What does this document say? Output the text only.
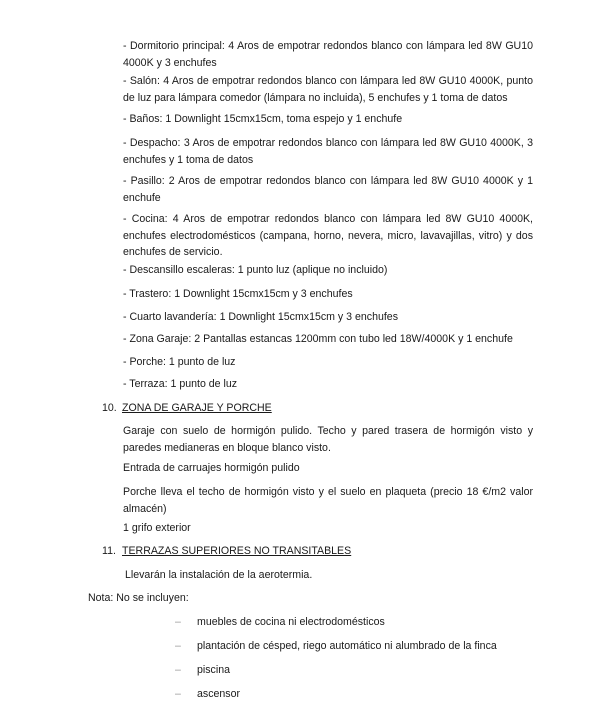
- Dormitorio principal: 4 Aros de empotrar redondos blanco con lámpara led 8W GU10 4000K y 3 enchufes

- Salón: 4 Aros de empotrar redondos blanco con lámpara led 8W GU10 4000K, punto de luz para lámpara comedor (lámpara no incluida), 5 enchufes y 1 toma de datos

- Baños: 1 Downlight 15cmx15cm, toma espejo y 1 enchufe

- Despacho: 3 Aros de empotrar redondos blanco con lámpara led 8W GU10 4000K, 3 enchufes y 1 toma de datos

- Pasillo: 2 Aros de empotrar redondos blanco con lámpara led 8W GU10 4000K y 1 enchufe

- Cocina: 4 Aros de empotrar redondos blanco con lámpara led 8W GU10 4000K, enchufes electrodomésticos (campana, horno, nevera, micro, lavavajillas, vitro) y dos enchufes de servicio.

- Descansillo escaleras: 1 punto luz (aplique no incluido)

- Trastero: 1 Downlight 15cmx15cm y 3 enchufes

- Cuarto lavandería: 1 Downlight 15cmx15cm y 3 enchufes

- Zona Garaje: 2 Pantallas estancas 1200mm con tubo led 18W/4000K y 1 enchufe

- Porche: 1 punto de luz

- Terraza: 1 punto de luz

10. ZONA DE GARAJE Y PORCHE

Garaje con suelo de hormigón pulido. Techo y pared trasera de hormigón visto y paredes medianeras en bloque blanco visto.

Entrada de carruajes hormigón pulido

Porche lleva el techo de hormigón visto y el suelo en plaqueta (precio 18 €/m2 valor almacén)

1 grifo exterior

11. TERRAZAS SUPERIORES NO TRANSITABLES

Llevarán la instalación de la aerotermia.

Nota: No se incluyen:

– muebles de cocina ni electrodomésticos

– plantación de césped, riego automático ni alumbrado de la finca

– piscina

– ascensor
